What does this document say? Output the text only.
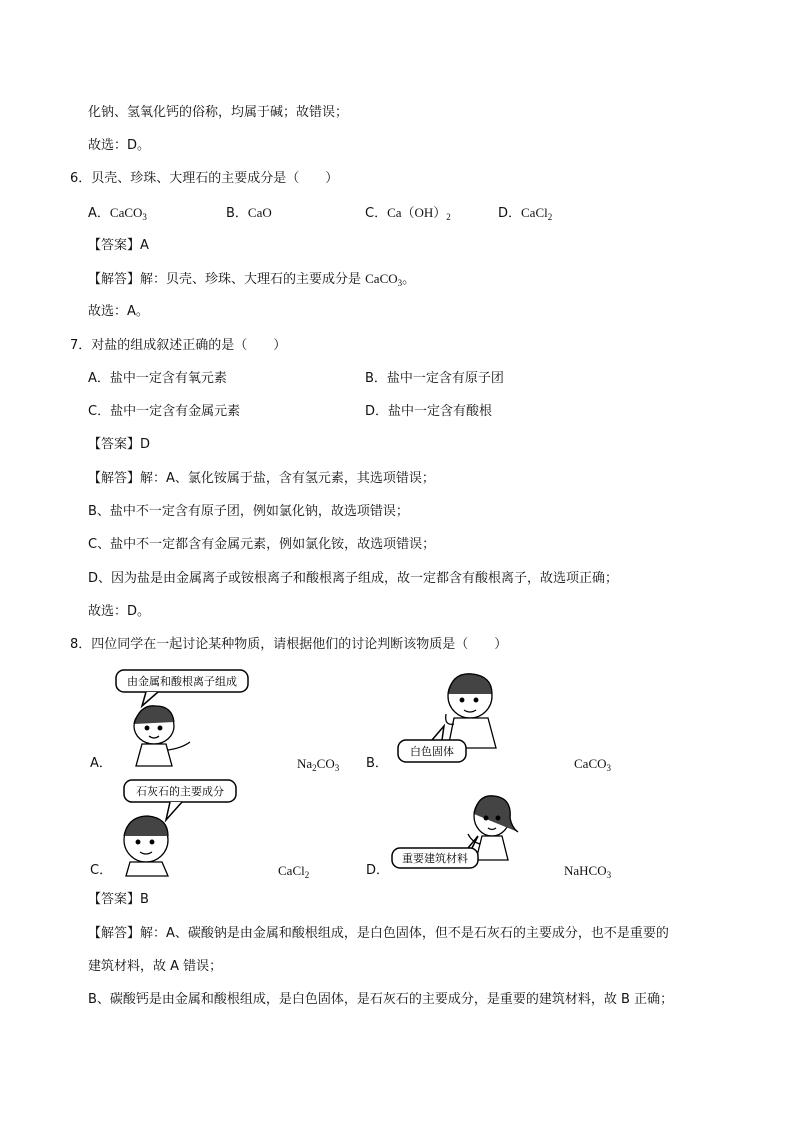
化钠、氢氧化钙的俗称，均属于碱；故错误；
故选：D。
6．贝壳、珍珠、大理石的主要成分是（　　）
A．CaCO$_3$	B．CaO	C．$Ca(OH)_2$	D．CaCl$_2$
【答案】A
【解答】解：贝壳、珍珠、大理石的主要成分是 CaCO$_3$。
故选：A。
7．对盐的组成叙述正确的是（　　）
A．盐中一定含有氧元素	B．盐中一定含有原子团
C．盐中一定含有金属元素	D．盐中一定含有酸根
【答案】D
【解答】解：A、氯化铵属于盐，含有氢元素，其选项错误；
B、盐中不一定含有原子团，例如氯化钠，故选项错误；
C、盐中不一定都含有金属元素，例如氯化铵，故选项错误；
D、因为盐是由金属离子或铵根离子和酸根离子组成，故一定都含有酸根离子，故选项正确；
故选：D。
8．四位同学在一起讨论某种物质，请根据他们的讨论判断该物质是（　　）
由金属和酸根离子组成
A．	$Na_2CO_3$
白色固体
B．	CaCO$_3$
石灰石的主要成分
C．	CaCl$_2$
重要建筑材料
D．	NaHCO$_3$
【答案】B
【解答】解：A、碳酸钠是由金属和酸根组成，是白色固体，但不是石灰石的主要成分，也不是重要的
建筑材料，故 A 错误；
B、碳酸钙是由金属和酸根组成，是白色固体，是石灰石的主要成分，是重要的建筑材料，故 B 正确；
